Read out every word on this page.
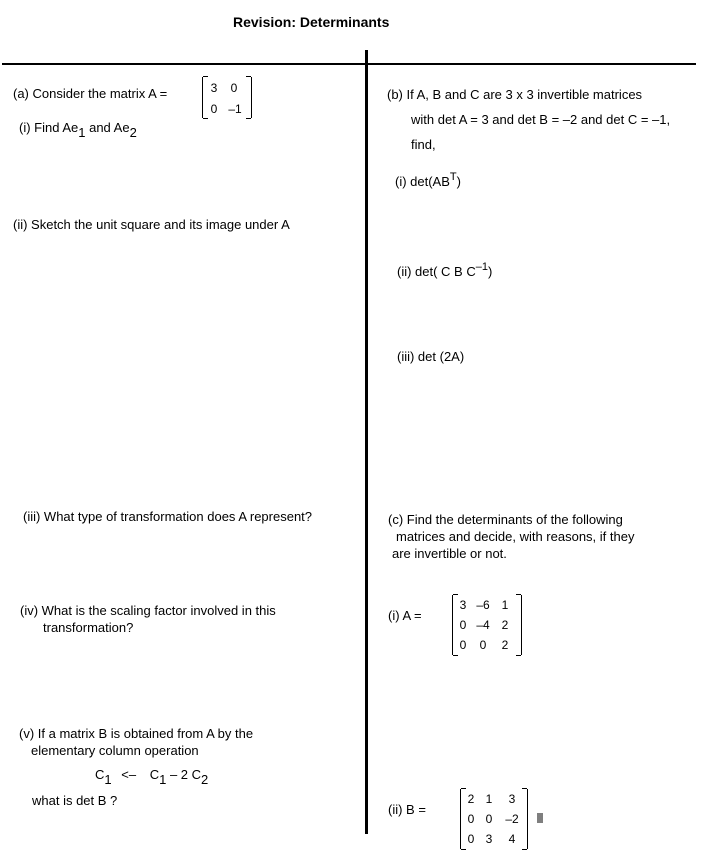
Revision: Determinants
(a) Consider the matrix A =	3	0
0 –1
(i) Find $Ae_1$ and $Ae_2$
(ii) Sketch the unit square and its image under A
(iii) What type of transformation does A represent?
(iv) What is the scaling factor involved in this
transformation?
(v) If a matrix B is obtained from A by the
elementary column operation
$C_1 <- C_1 - 2$ $C_2$
what is det B ?
(b) If A, B and C are 3 x 3 invertible matrices
with det A = 3 and det B = –2 and det C = –1,
find,
(i) $\det(AB^T)$
(ii) det( C B $C^{-1}$)
(iii) det (2A)
(c) Find the determinants of the following
matrices and decide, with reasons, if they
are invertible or not.
(i) A =
3 –6 1
0 –4 2
0	0	2
(ii) B =
2 1	3
0 0	–2
0 3	4
